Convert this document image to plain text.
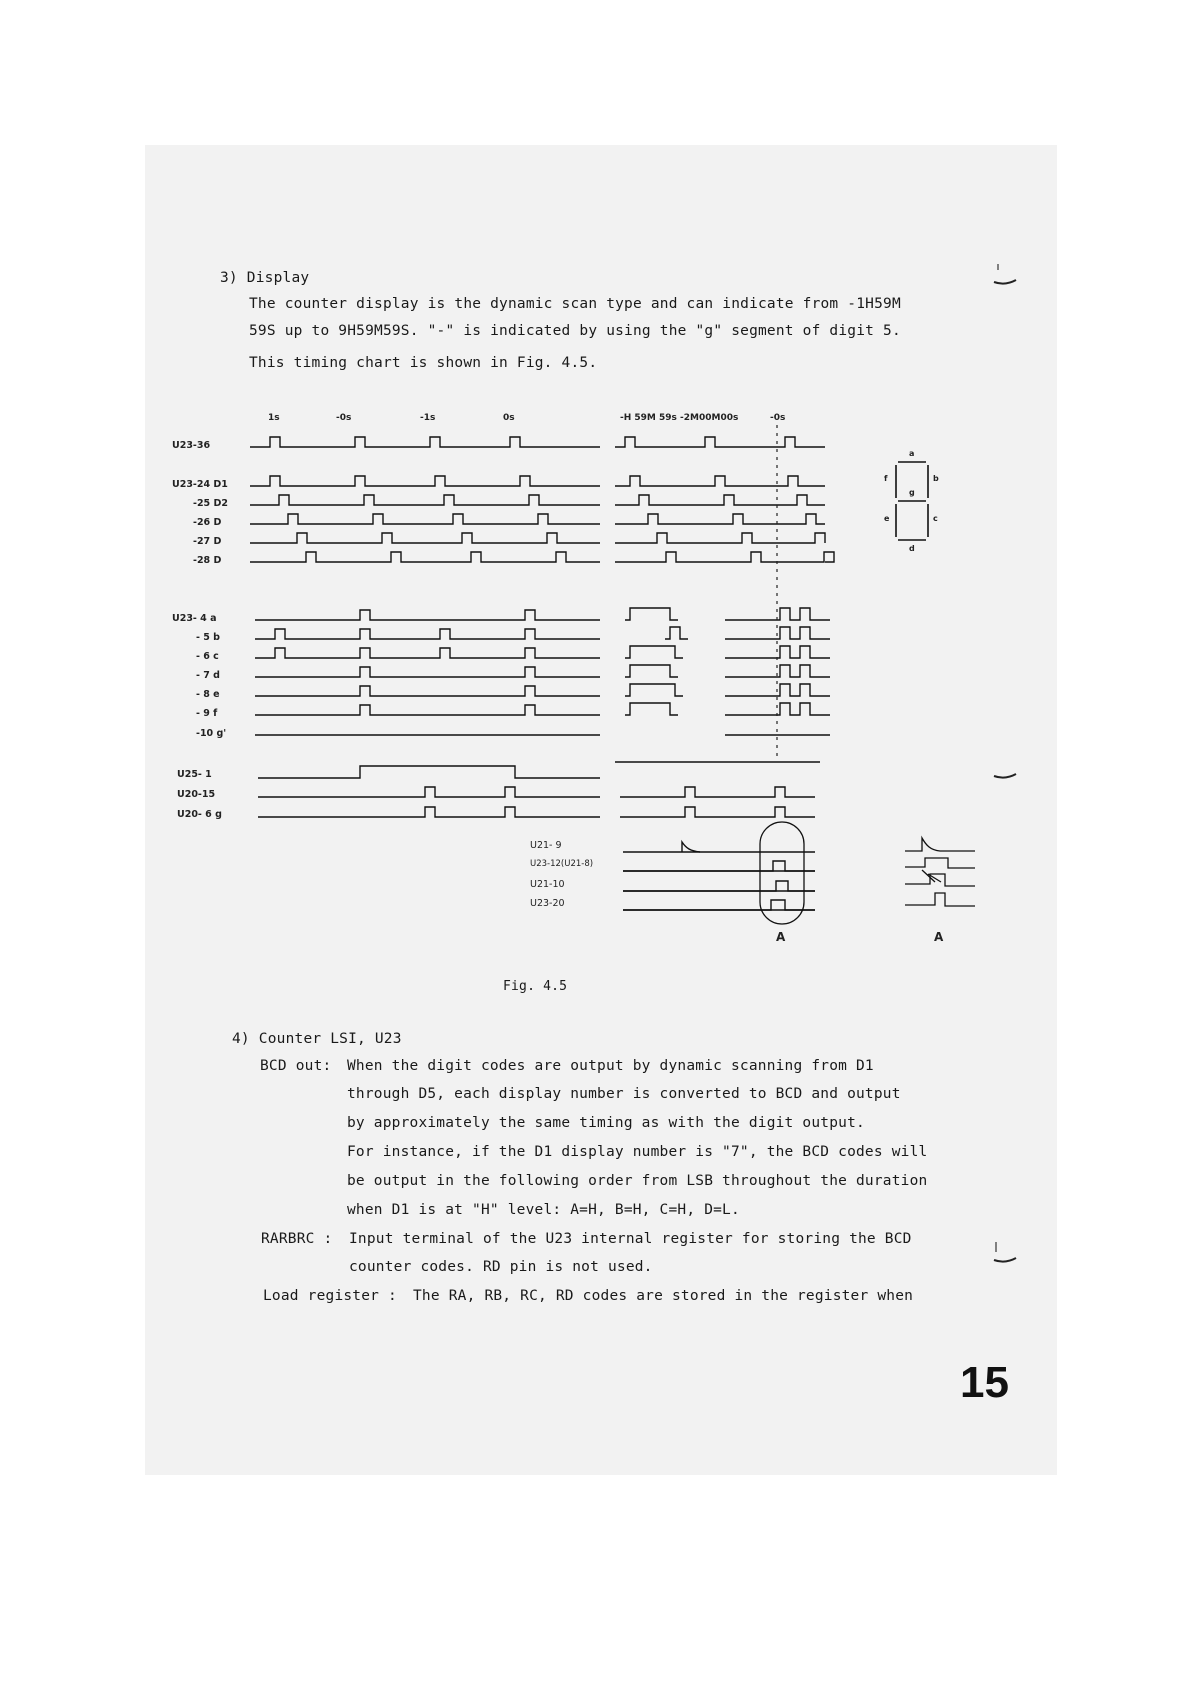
3) Display
The counter display is the dynamic scan type and can indicate from -1H59M
59S up to 9H59M59S. "-" is indicated by using the "g" segment of digit 5.
This timing chart is shown in Fig. 4.5.
1s	-0s	-1s	0s	-H 59M 59s -2M00M00s	-0s
U23-36
U23-24 D1
-25 D2
-26 D
-27 D
-28 D
U23- 4 a
- 5 b
- 6 c
- 7 d
- 8 e
- 9 f
-10 g'
U25- 1
U20-15
U20- 6 g
U21- 9
U23-12(U21-8)
U21-10
U23-20
a
b
c
d
e
f
g
A	A
Fig. 4.5
4) Counter LSI, U23
BCD out: When the digit codes are output by dynamic scanning from D1
through D5, each display number is converted to BCD and output
by approximately the same timing as with the digit output.
For instance, if the D1 display number is "7", the BCD codes will
be output in the following order from LSB throughout the duration
when D1 is at "H" level: A=H, B=H, C=H, D=L.
RARBRC : Input terminal of the U23 internal register for storing the BCD
counter codes. RD pin is not used.
Load register : The RA, RB, RC, RD codes are stored in the register when
15
